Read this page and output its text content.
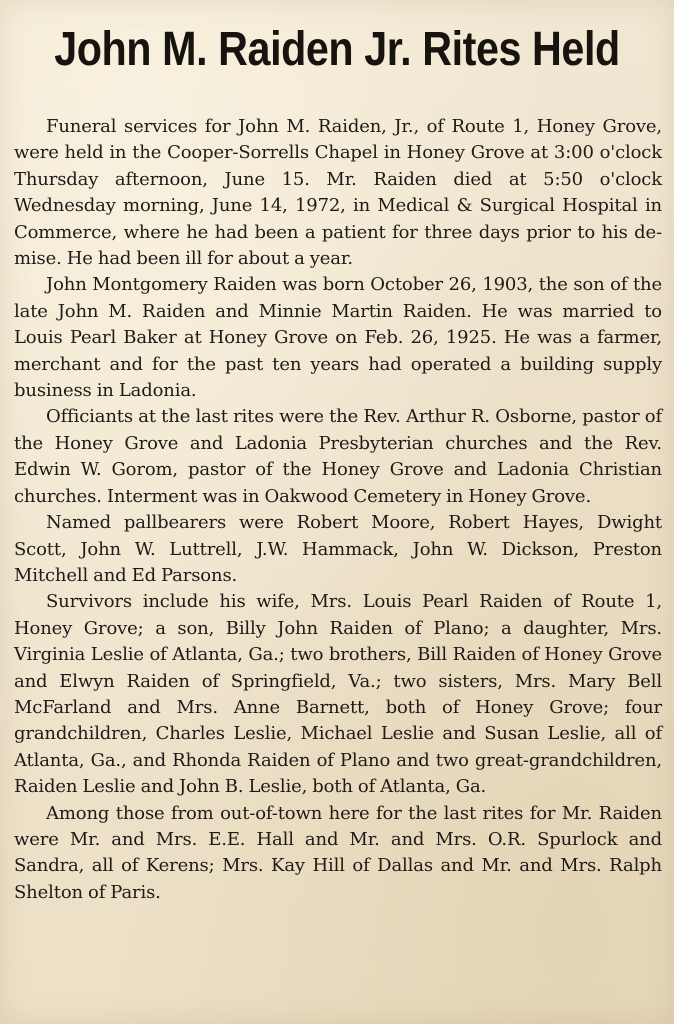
John M. Raiden Jr. Rites Held

Funeral services for John M. Raiden, Jr., of Route 1, Honey Grove, were held in the Cooper-Sorrells Chapel in Honey Grove at 3:00 o'clock Thursday afternoon, June 15. Mr. Raiden died at 5:50 o'clock Wednesday morning, June 14, 1972, in Medical & Surgical Hospital in Commerce, where he had been a patient for three days prior to his de-mise. He had been ill for about a year.

John Montgomery Raiden was born October 26, 1903, the son of the late John M. Raiden and Minnie Martin Raiden. He was married to Louis Pearl Baker at Honey Grove on Feb. 26, 1925. He was a farmer, merchant and for the past ten years had operated a building supply business in Ladonia.

Officiants at the last rites were the Rev. Arthur R. Osborne, pastor of the Honey Grove and Ladonia Presbyterian churches and the Rev. Edwin W. Gorom, pastor of the Honey Grove and Ladonia Christian churches. Interment was in Oakwood Cemetery in Honey Grove.

Named pallbearers were Robert Moore, Robert Hayes, Dwight Scott, John W. Luttrell, J.W. Hammack, John W. Dickson, Preston Mitchell and Ed Parsons.

Survivors include his wife, Mrs. Louis Pearl Raiden of Route 1, Honey Grove; a son, Billy John Raiden of Plano; a daughter, Mrs. Virginia Leslie of Atlanta, Ga.; two brothers, Bill Raiden of Honey Grove and Elwyn Raiden of Springfield, Va.; two sisters, Mrs. Mary Bell McFarland and Mrs. Anne Barnett, both of Honey Grove; four grandchildren, Charles Leslie, Michael Leslie and Susan Leslie, all of Atlanta, Ga., and Rhonda Raiden of Plano and two great-grandchildren, Raiden Leslie and John B. Leslie, both of Atlanta, Ga.

Among those from out-of-town here for the last rites for Mr. Raiden were Mr. and Mrs. E.E. Hall and Mr. and Mrs. O.R. Spurlock and Sandra, all of Kerens; Mrs. Kay Hill of Dallas and Mr. and Mrs. Ralph Shelton of Paris.
